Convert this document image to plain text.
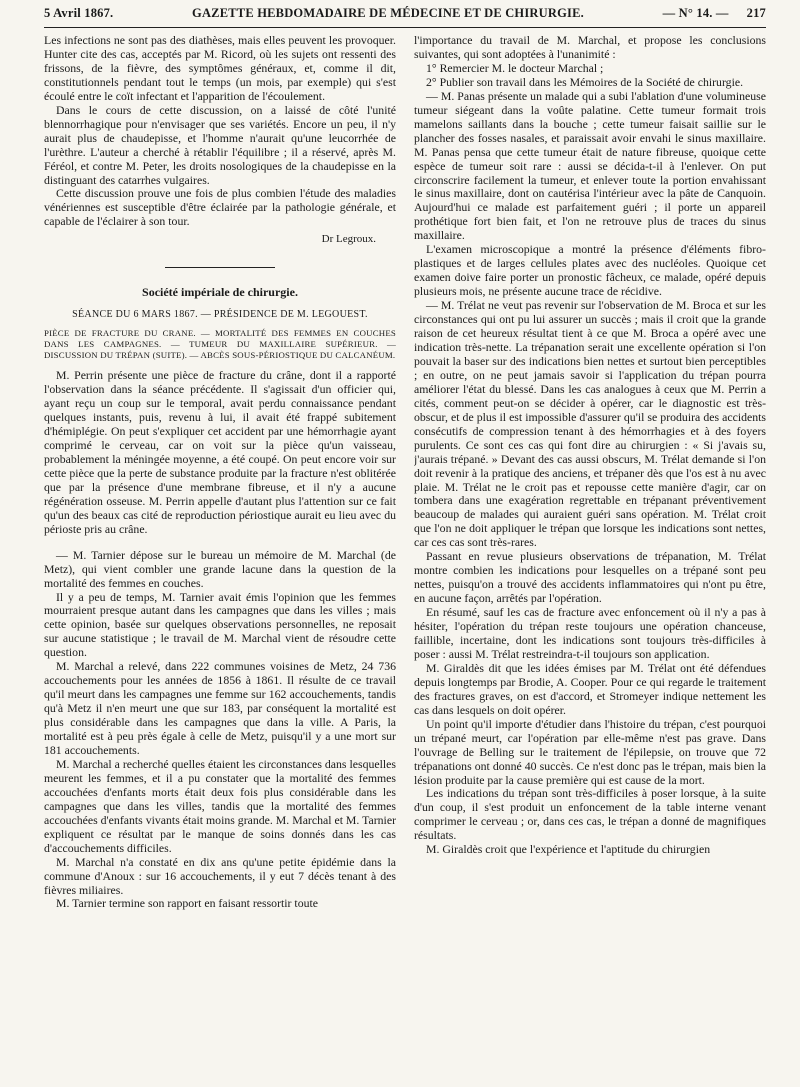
5 Avril 1867.	GAZETTE HEBDOMADAIRE DE MÉDECINE ET DE CHIRURGIE.	— N° 14. — 217

Les infections ne sont pas des diathèses, mais elles peuvent les provoquer. Hunter cite des cas, acceptés par M. Ricord, où les sujets ont ressenti des frissons, de la fièvre, des symptômes généraux, et, comme il dit, constitutionnels pendant tout le temps (un mois, par exemple) qui s'est écoulé entre le coït infectant et l'apparition de l'écoulement.

Dans le cours de cette discussion, on a laissé de côté l'unité blennorrhagique pour n'envisager que ses variétés. Encore un peu, il n'y aurait plus de chaudepisse, et l'homme n'aurait qu'une leucorrhée de l'urèthre. L'auteur a cherché à rétablir l'équilibre ; il a réservé, après M. Féréol, et contre M. Peter, les droits nosologiques de la chaudepisse en la distinguant des catarrhes vulgaires.

Cette discussion prouve une fois de plus combien l'étude des maladies vénériennes est susceptible d'être éclairée par la pathologie générale, et capable de l'éclairer à son tour.

Dr Legroux.
Société impériale de chirurgie.
SÉANCE DU 6 MARS 1867. — PRÉSIDENCE DE M. LEGOUEST.
PIÈCE DE FRACTURE DU CRANE. — MORTALITÉ DES FEMMES EN COUCHES DANS LES CAMPAGNES. — TUMEUR DU MAXILLAIRE SUPÉRIEUR. — DISCUSSION DU TRÉPAN (SUITE). — ABCÈS SOUS-PÉRIOSTIQUE DU CALCANÉUM.

M. Perrin présente une pièce de fracture du crâne, dont il a rapporté l'observation dans la séance précédente. Il s'agissait d'un officier qui, ayant reçu un coup sur le temporal, avait perdu connaissance pendant quelques instants, puis, revenu à lui, il avait été frappé subitement d'hémiplégie. On peut s'expliquer cet accident par une hémorrhagie ayant comprimé le cerveau, car on voit sur la pièce qu'un vaisseau, probablement la méningée moyenne, a été coupé. On peut encore voir sur cette pièce que la perte de substance produite par la fracture n'est oblitérée que par la présence d'une membrane fibreuse, et il n'y a aucune régénération osseuse. M. Perrin appelle d'autant plus l'attention sur ce fait qu'un des beaux cas cité de reproduction périostique aurait eu lieu avec du périoste pris au crâne.

— M. Tarnier dépose sur le bureau un mémoire de M. Marchal (de Metz), qui vient combler une grande lacune dans la question de la mortalité des femmes en couches.

Il y a peu de temps, M. Tarnier avait émis l'opinion que les femmes mourraient presque autant dans les campagnes que dans les villes ; mais cette opinion, basée sur quelques observations personnelles, ne reposait sur aucune statistique ; le travail de M. Marchal vient de résoudre cette question.

M. Marchal a relevé, dans 222 communes voisines de Metz, 24 736 accouchements pour les années de 1856 à 1861. Il résulte de ce travail qu'il meurt dans les campagnes une femme sur 162 accouchements, tandis qu'à Metz il n'en meurt une que sur 183, par conséquent la mortalité est plus considérable dans les campagnes que dans la ville. A Paris, la mortalité est à peu près égale à celle de Metz, puisqu'il y a une mort sur 181 accouchements.

M. Marchal a recherché quelles étaient les circonstances dans lesquelles meurent les femmes, et il a pu constater que la mortalité des femmes accouchées d'enfants morts était deux fois plus considérable dans les campagnes que dans les villes, tandis que la mortalité des femmes accouchées d'enfants vivants était moins grande. M. Marchal et M. Tarnier expliquent ce résultat par le manque de soins donnés dans les cas d'accouchements difficiles.

M. Marchal n'a constaté en dix ans qu'une petite épidémie dans la commune d'Anoux : sur 16 accouchements, il y eut 7 décès tenant à des fièvres miliaires.

M. Tarnier termine son rapport en faisant ressortir toute

l'importance du travail de M. Marchal, et propose les conclusions suivantes, qui sont adoptées à l'unanimité :

1° Remercier M. le docteur Marchal ;

2° Publier son travail dans les Mémoires de la Société de chirurgie.

— M. Panas présente un malade qui a subi l'ablation d'une volumineuse tumeur siégeant dans la voûte palatine. Cette tumeur formait trois mamelons saillants dans la bouche ; cette tumeur faisait saillie sur le plancher des fosses nasales, et paraissait avoir envahi le sinus maxillaire. M. Panas pensa que cette tumeur était de nature fibreuse, quoique cette espèce de tumeur soit rare : aussi se décida-t-il à l'enlever. On put circonscrire facilement la tumeur, et enlever toute la portion envahissant le sinus maxillaire, dont on cautérisa l'intérieur avec la pâte de Canquoin. Aujourd'hui ce malade est parfaitement guéri ; il porte un appareil prothétique fort bien fait, et l'on ne retrouve plus de traces du sinus maxillaire.

L'examen microscopique a montré la présence d'éléments fibro-plastiques et de larges cellules plates avec des nucléoles. Quoique cet examen doive faire porter un pronostic fâcheux, ce malade, opéré depuis plusieurs mois, ne présente aucune trace de récidive.

— M. Trélat ne veut pas revenir sur l'observation de M. Broca et sur les circonstances qui ont pu lui assurer un succès ; mais il croit que la grande raison de cet heureux résultat tient à ce que M. Broca a opéré avec une indication très-nette. La trépanation serait une excellente opération si l'on pouvait la baser sur des indications bien nettes et surtout bien perceptibles ; en outre, on ne peut jamais savoir si l'application du trépan pourra améliorer l'état du blessé. Dans les cas analogues à ceux que M. Perrin a cités, comment peut-on se décider à opérer, car le diagnostic est très-obscur, et de plus il est impossible d'assurer qu'il se produira des accidents consécutifs de compression tenant à des hémorrhagies et à des foyers purulents. Ce sont ces cas qui font dire au chirurgien : « Si j'avais su, j'aurais trépané. » Devant des cas aussi obscurs, M. Trélat demande si l'on doit revenir à la pratique des anciens, et trépaner dès que l'os est à nu avec plaie. M. Trélat ne le croit pas et repousse cette manière d'agir, car on tombera dans une exagération regrettable en trépanant préventivement beaucoup de malades qui auraient guéri sans opération. M. Trélat croit que l'on ne doit appliquer le trépan que lorsque les indications sont nettes, car ces cas sont très-rares.

Passant en revue plusieurs observations de trépanation, M. Trélat montre combien les indications pour lesquelles on a trépané sont peu nettes, puisqu'on a trouvé des accidents inflammatoires qui n'ont pu être, en aucune façon, arrêtés par l'opération.

En résumé, sauf les cas de fracture avec enfoncement où il n'y a pas à hésiter, l'opération du trépan reste toujours une opération chanceuse, faillible, incertaine, dont les indications sont toujours très-difficiles à poser : aussi M. Trélat restreindra-t-il toujours son application.

M. Giraldès dit que les idées émises par M. Trélat ont été défendues depuis longtemps par Brodie, A. Cooper. Pour ce qui regarde le traitement des fractures graves, on est d'accord, et Stromeyer indique nettement les cas dans lesquels on doit opérer.

Un point qu'il importe d'étudier dans l'histoire du trépan, c'est pourquoi un trépané meurt, car l'opération par elle-même n'est pas grave. Dans l'ouvrage de Belling sur le traitement de l'épilepsie, on trouve que 72 trépanations ont donné 40 succès. Ce n'est donc pas le trépan, mais bien la lésion produite par la cause première qui est cause de la mort.

Les indications du trépan sont très-difficiles à poser lorsque, à la suite d'un coup, il s'est produit un enfoncement de la table interne venant comprimer le cerveau ; or, dans ces cas, le trépan a donné de magnifiques résultats.

M. Giraldès croit que l'expérience et l'aptitude du chirurgien
